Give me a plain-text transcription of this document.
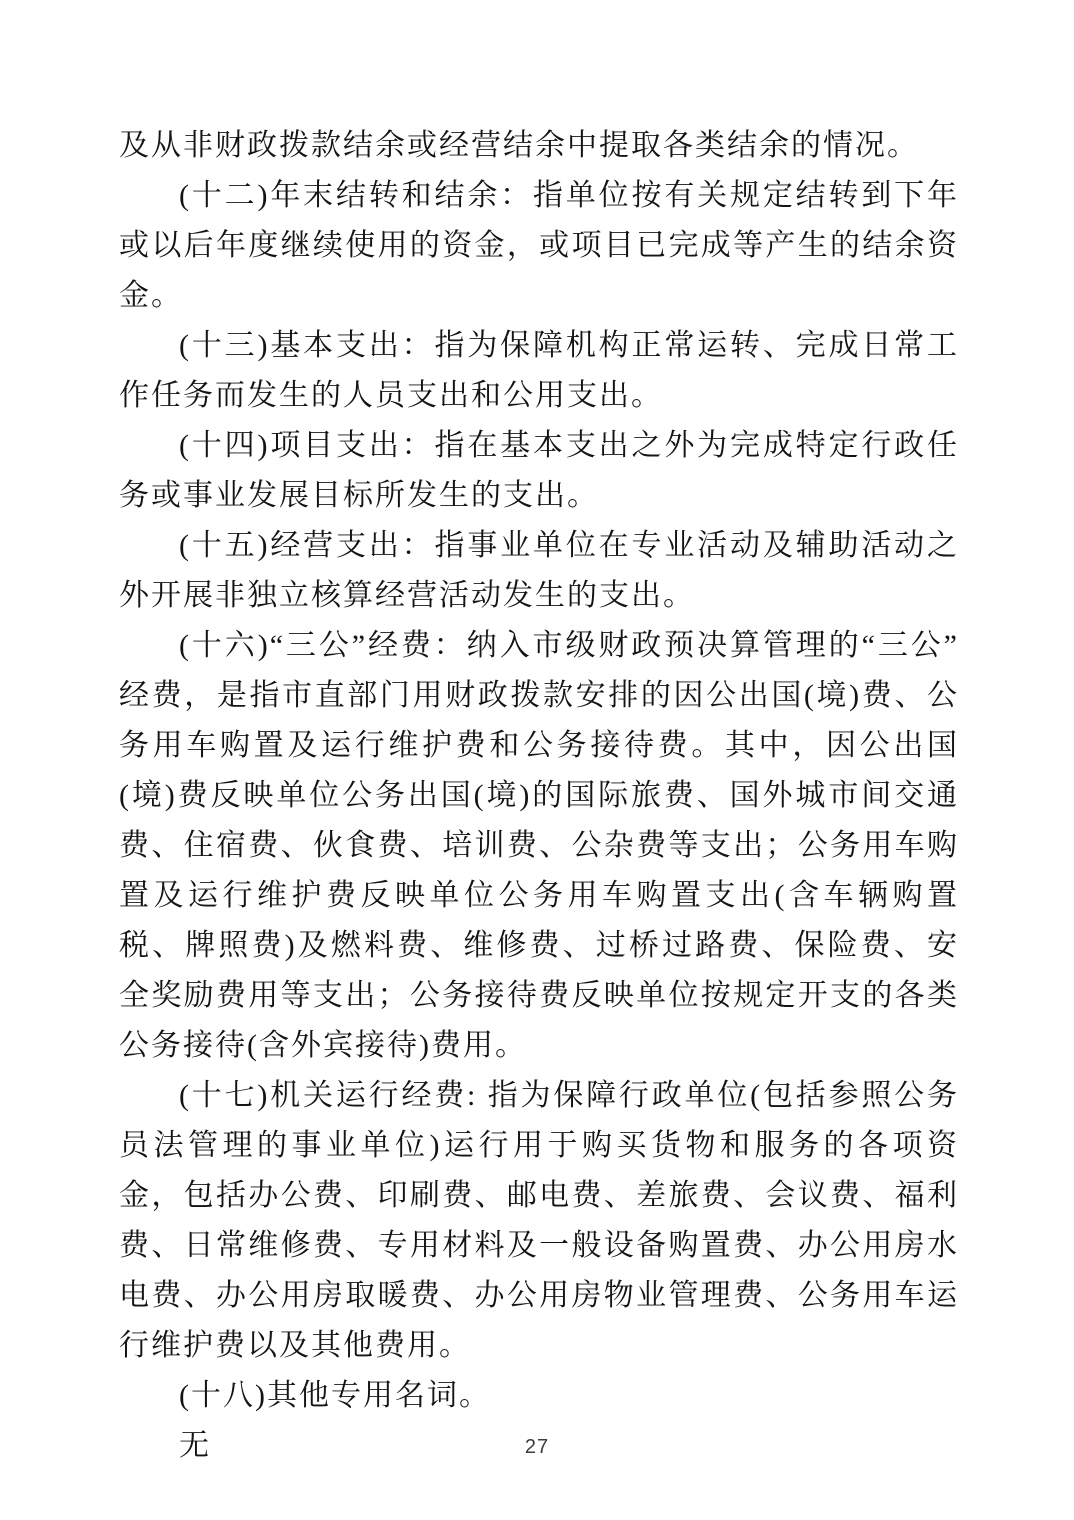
及从非财政拨款结余或经营结余中提取各类结余的情况。

(十二)年末结转和结余：指单位按有关规定结转到下年或以后年度继续使用的资金，或项目已完成等产生的结余资金。

(十三)基本支出：指为保障机构正常运转、完成日常工作任务而发生的人员支出和公用支出。

(十四)项目支出：指在基本支出之外为完成特定行政任务或事业发展目标所发生的支出。

(十五)经营支出：指事业单位在专业活动及辅助活动之外开展非独立核算经营活动发生的支出。

(十六)“三公”经费：纳入市级财政预决算管理的“三公”经费，是指市直部门用财政拨款安排的因公出国(境)费、公务用车购置及运行维护费和公务接待费。其中，因公出国(境)费反映单位公务出国(境)的国际旅费、国外城市间交通费、住宿费、伙食费、培训费、公杂费等支出；公务用车购置及运行维护费反映单位公务用车购置支出(含车辆购置税、牌照费)及燃料费、维修费、过桥过路费、保险费、安全奖励费用等支出；公务接待费反映单位按规定开支的各类公务接待(含外宾接待)费用。

(十七)机关运行经费: 指为保障行政单位(包括参照公务员法管理的事业单位)运行用于购买货物和服务的各项资金，包括办公费、印刷费、邮电费、差旅费、会议费、福利费、日常维修费、专用材料及一般设备购置费、办公用房水电费、办公用房取暖费、办公用房物业管理费、公务用车运行维护费以及其他费用。

(十八)其他专用名词。

无	27
